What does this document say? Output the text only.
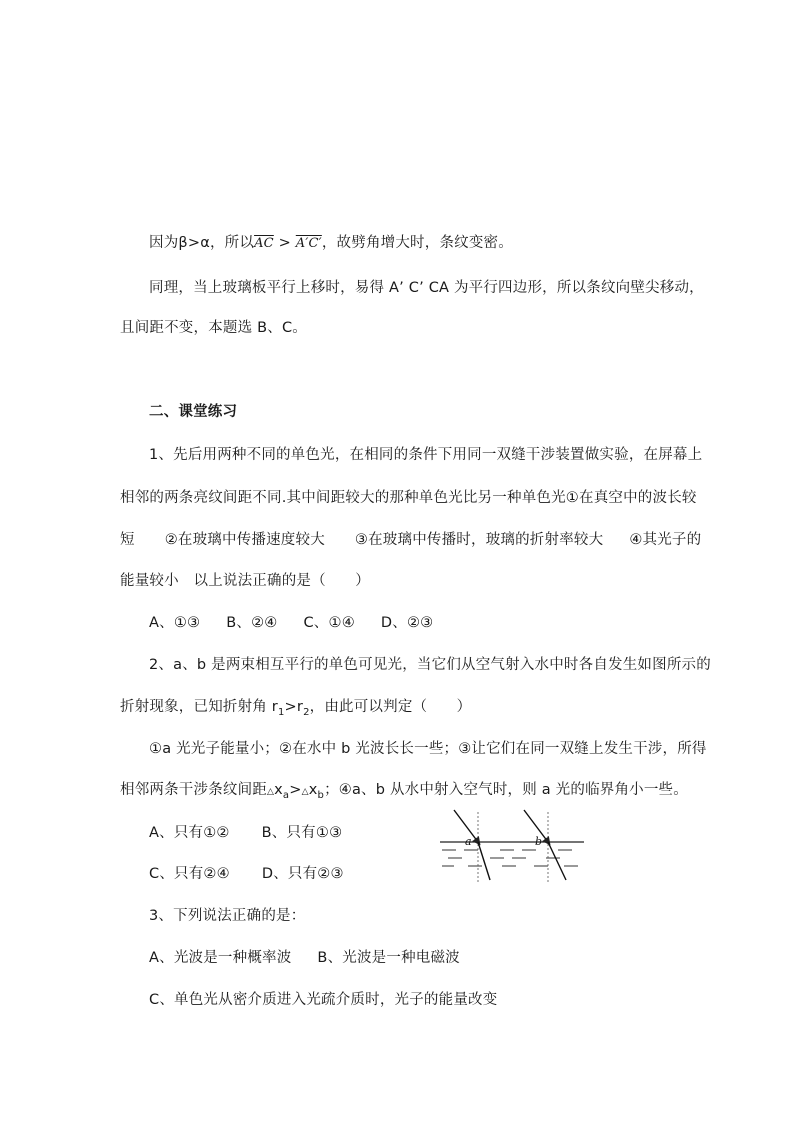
因为β>α，所以$\overline{AC} > A'C'$，故劈角增大时，条纹变密。
同理，当上玻璃板平行上移时，易得 A’ C’ CA 为平行四边形，所以条纹向壁尖移动，
且间距不变，本题选 B、C。
二、课堂练习
1、先后用两种不同的单色光，在相同的条件下用同一双缝干涉装置做实验，在屏幕上
相邻的两条亮纹间距不同.其中间距较大的那种单色光比另一种单色光①在真空中的波长较
短 ②在玻璃中传播速度较大 ③在玻璃中传播时，玻璃的折射率较大 ④其光子的
能量较小　以上说法正确的是（　　）
A、①③ B、②④ C、①④ D、②③
2、a、b 是两束相互平行的单色可见光，当它们从空气射入水中时各自发生如图所示的
折射现象，已知折射角 $r_1>r_2$，由此可以判定（　　）
①a 光光子能量小；②在水中 b 光波长长一些；③让它们在同一双缝上发生干涉，所得
相邻两条干涉条纹间距$\triangle x_a>\triangle x_b$；④a、b 从水中射入空气时，则 a 光的临界角小一些。
A、只有①② B、只有①③
C、只有②④ D、只有②③
a	b
3、下列说法正确的是：
A、光波是一种概率波 B、光波是一种电磁波
C、单色光从密介质进入光疏介质时，光子的能量改变
